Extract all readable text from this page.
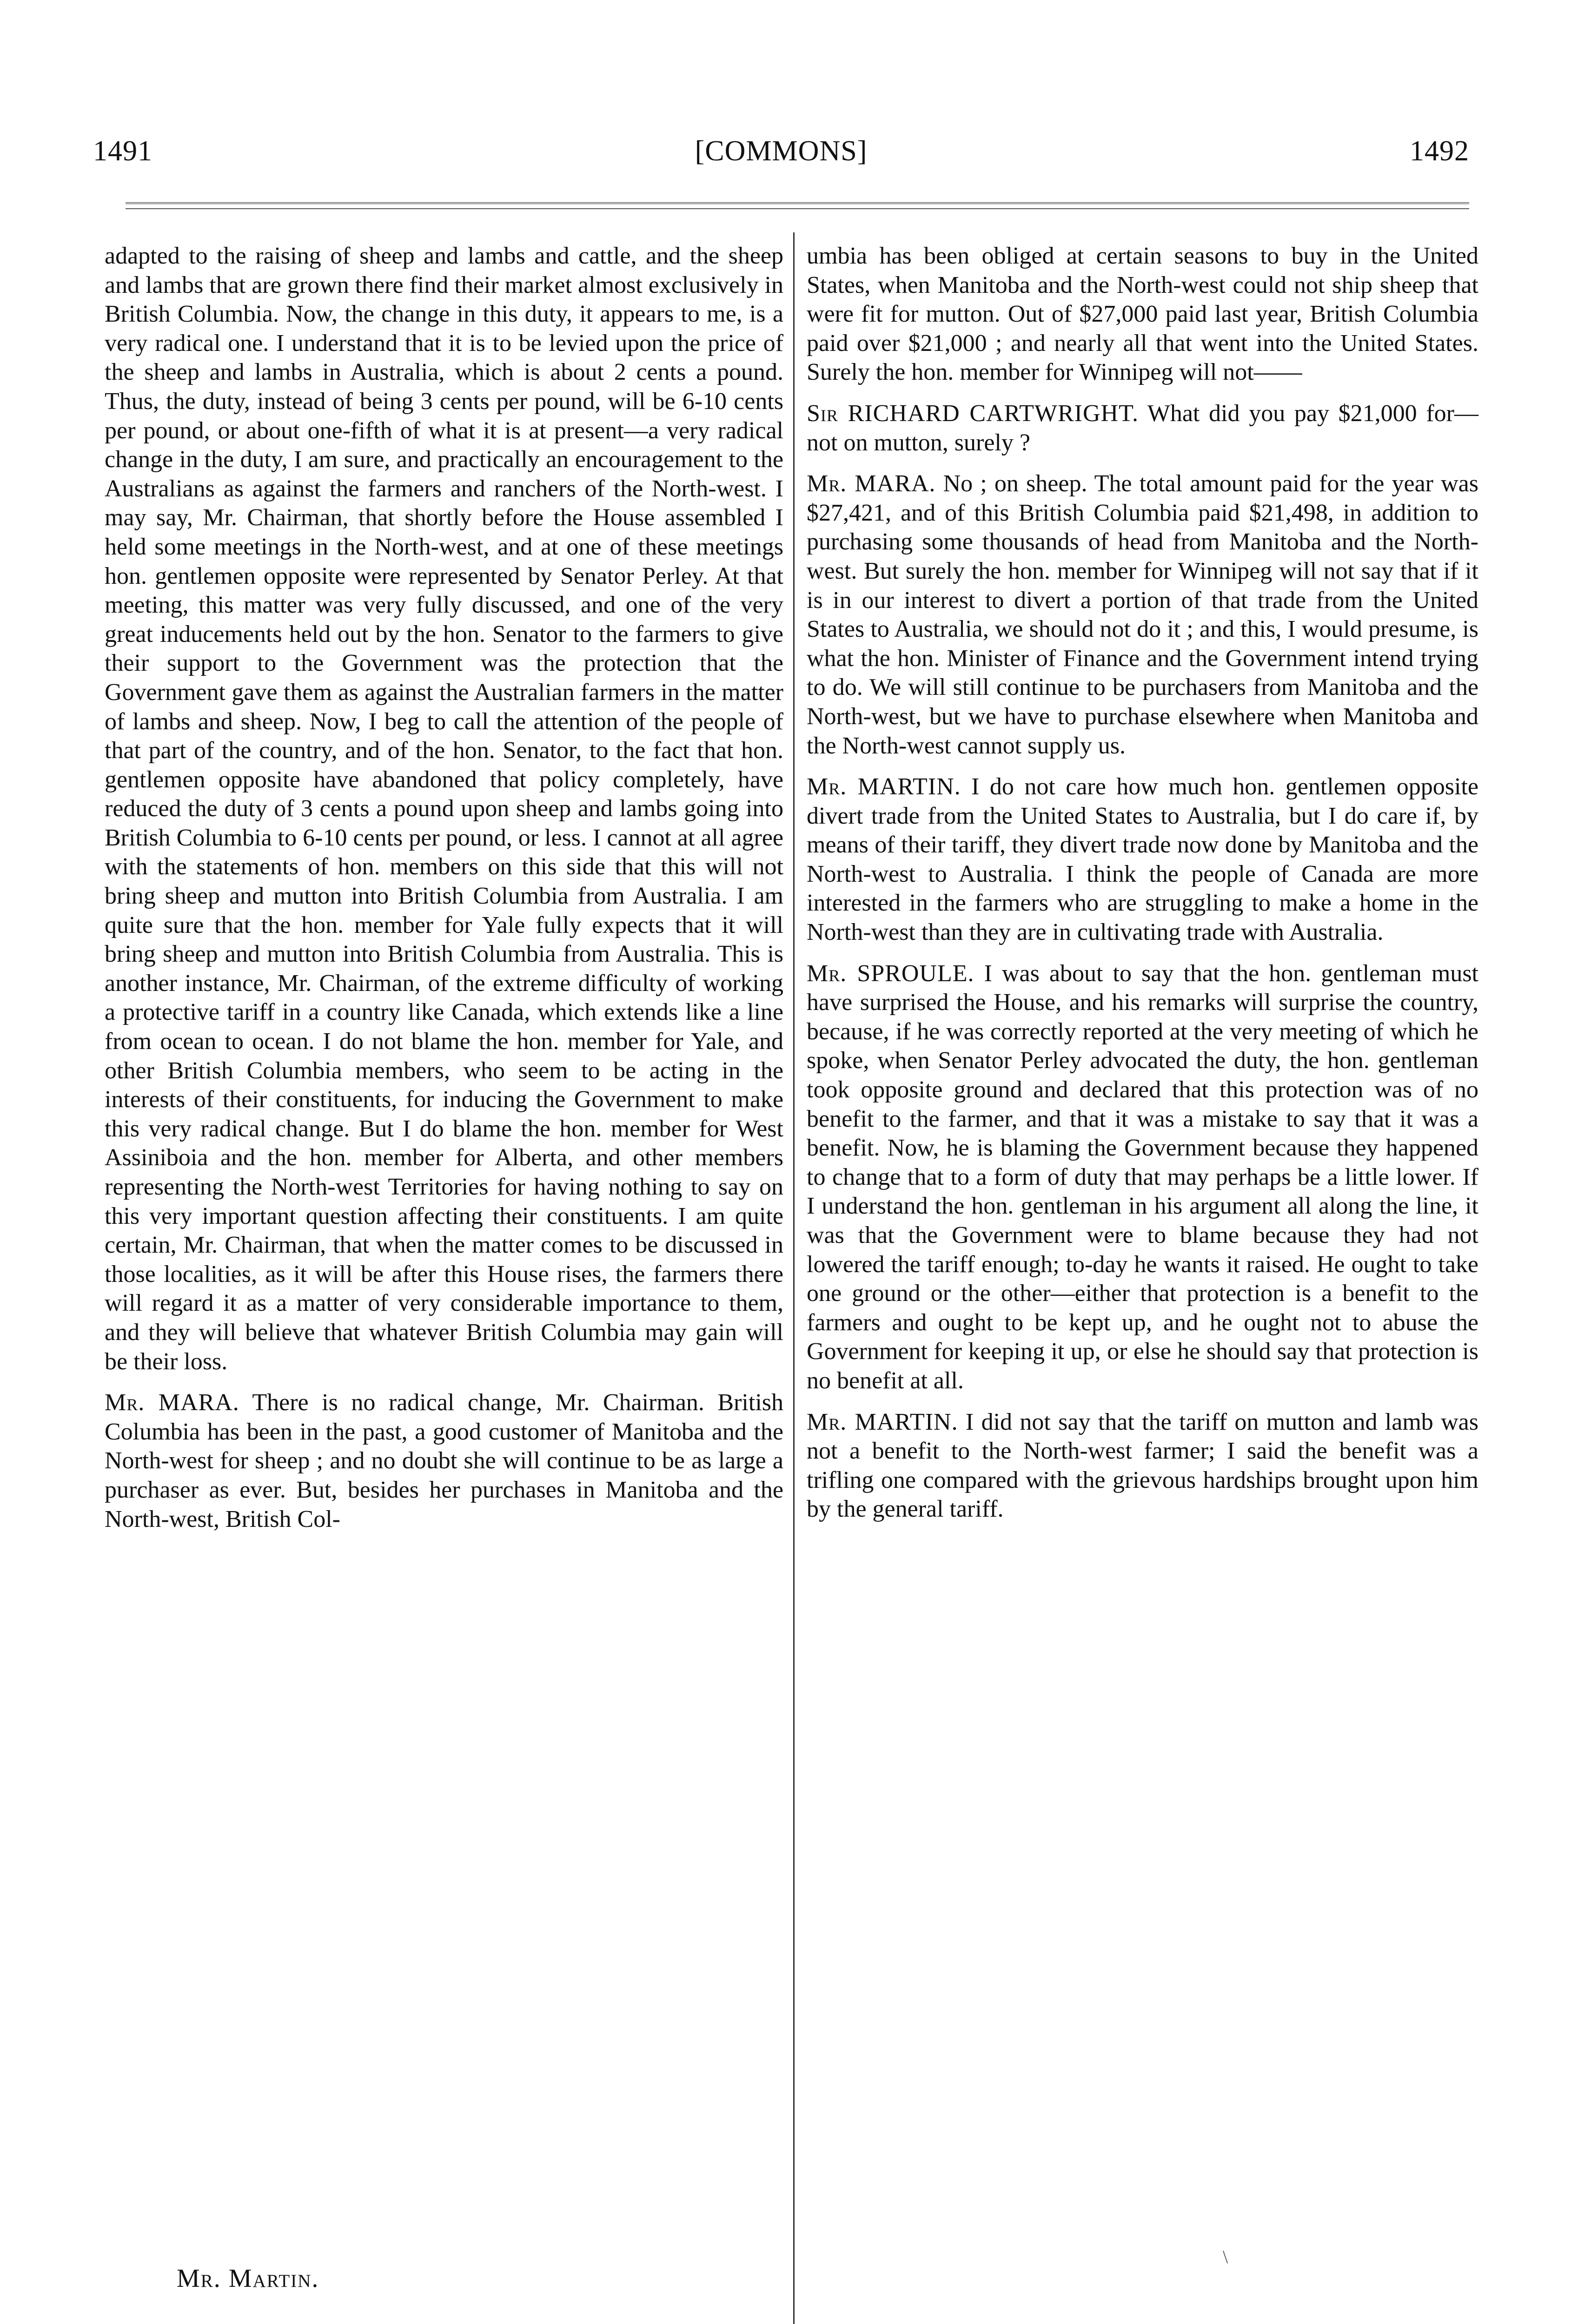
1491	[COMMONS]	1492

adapted to the raising of sheep and lambs and cattle, and the sheep and lambs that are grown there find their market almost exclusively in British Columbia. Now, the change in this duty, it appears to me, is a very radical one. I understand that it is to be levied upon the price of the sheep and lambs in Australia, which is about 2 cents a pound. Thus, the duty, instead of being 3 cents per pound, will be 6-10 cents per pound, or about one-fifth of what it is at present—a very radical change in the duty, I am sure, and practically an encouragement to the Australians as against the farmers and ranchers of the North-west. I may say, Mr. Chairman, that shortly before the House assembled I held some meetings in the North-west, and at one of these meetings hon. gentlemen opposite were represented by Senator Perley. At that meeting, this matter was very fully discussed, and one of the very great inducements held out by the hon. Senator to the farmers to give their support to the Government was the protection that the Government gave them as against the Australian farmers in the matter of lambs and sheep. Now, I beg to call the attention of the people of that part of the country, and of the hon. Senator, to the fact that hon. gentlemen opposite have abandoned that policy completely, have reduced the duty of 3 cents a pound upon sheep and lambs going into British Columbia to 6-10 cents per pound, or less. I cannot at all agree with the statements of hon. members on this side that this will not bring sheep and mutton into British Columbia from Australia. I am quite sure that the hon. member for Yale fully expects that it will bring sheep and mutton into British Columbia from Australia. This is another instance, Mr. Chairman, of the extreme difficulty of working a protective tariff in a country like Canada, which extends like a line from ocean to ocean. I do not blame the hon. member for Yale, and other British Columbia members, who seem to be acting in the interests of their constituents, for inducing the Government to make this very radical change. But I do blame the hon. member for West Assiniboia and the hon. member for Alberta, and other members representing the North-west Territories for having nothing to say on this very important question affecting their constituents. I am quite certain, Mr. Chairman, that when the matter comes to be discussed in those localities, as it will be after this House rises, the farmers there will regard it as a matter of very considerable importance to them, and they will believe that whatever British Columbia may gain will be their loss.

Mr. MARA. There is no radical change, Mr. Chairman. British Columbia has been in the past, a good customer of Manitoba and the North-west for sheep ; and no doubt she will continue to be as large a purchaser as ever. But, besides her purchases in Manitoba and the North-west, British Col-

umbia has been obliged at certain seasons to buy in the United States, when Manitoba and the North-west could not ship sheep that were fit for mutton. Out of $27,000 paid last year, British Columbia paid over $21,000 ; and nearly all that went into the United States. Surely the hon. member for Winnipeg will not——

Sir RICHARD CARTWRIGHT. What did you pay $21,000 for—not on mutton, surely ?

Mr. MARA. No ; on sheep. The total amount paid for the year was $27,421, and of this British Columbia paid $21,498, in addition to purchasing some thousands of head from Manitoba and the North-west. But surely the hon. member for Winnipeg will not say that if it is in our interest to divert a portion of that trade from the United States to Australia, we should not do it ; and this, I would presume, is what the hon. Minister of Finance and the Government intend trying to do. We will still continue to be purchasers from Manitoba and the North-west, but we have to purchase elsewhere when Manitoba and the North-west cannot supply us.

Mr. MARTIN. I do not care how much hon. gentlemen opposite divert trade from the United States to Australia, but I do care if, by means of their tariff, they divert trade now done by Manitoba and the North-west to Australia. I think the people of Canada are more interested in the farmers who are struggling to make a home in the North-west than they are in cultivating trade with Australia.

Mr. SPROULE. I was about to say that the hon. gentleman must have surprised the House, and his remarks will surprise the country, because, if he was correctly reported at the very meeting of which he spoke, when Senator Perley advocated the duty, the hon. gentleman took opposite ground and declared that this protection was of no benefit to the farmer, and that it was a mistake to say that it was a benefit. Now, he is blaming the Government because they happened to change that to a form of duty that may perhaps be a little lower. If I understand the hon. gentleman in his argument all along the line, it was that the Government were to blame because they had not lowered the tariff enough; to-day he wants it raised. He ought to take one ground or the other—either that protection is a benefit to the farmers and ought to be kept up, and he ought not to abuse the Government for keeping it up, or else he should say that protection is no benefit at all.

Mr. MARTIN. I did not say that the tariff on mutton and lamb was not a benefit to the North-west farmer; I said the benefit was a trifling one compared with the grievous hardships brought upon him by the general tariff.

Mr. Martin.
\
